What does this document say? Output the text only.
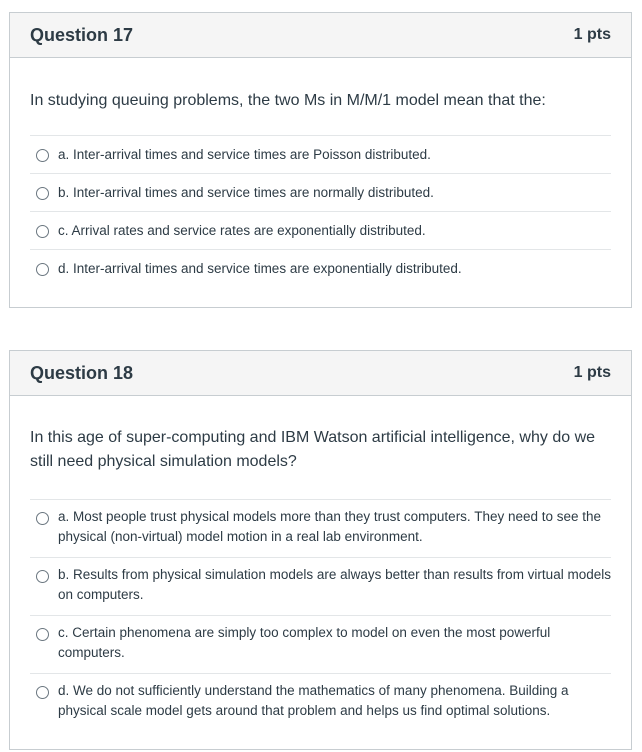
Question 17	1 pts
In studying queuing problems, the two Ms in M/M/1 model mean that the:
a. Inter-arrival times and service times are Poisson distributed.
b. Inter-arrival times and service times are normally distributed.
c. Arrival rates and service rates are exponentially distributed.
d. Inter-arrival times and service times are exponentially distributed.
Question 18	1 pts
In this age of super-computing and IBM Watson artificial intelligence, why do we still need physical simulation models?
a. Most people trust physical models more than they trust computers. They need to see the physical (non-virtual) model motion in a real lab environment.
b. Results from physical simulation models are always better than results from virtual models on computers.
c. Certain phenomena are simply too complex to model on even the most powerful computers.
d. We do not sufficiently understand the mathematics of many phenomena. Building a physical scale model gets around that problem and helps us find optimal solutions.
